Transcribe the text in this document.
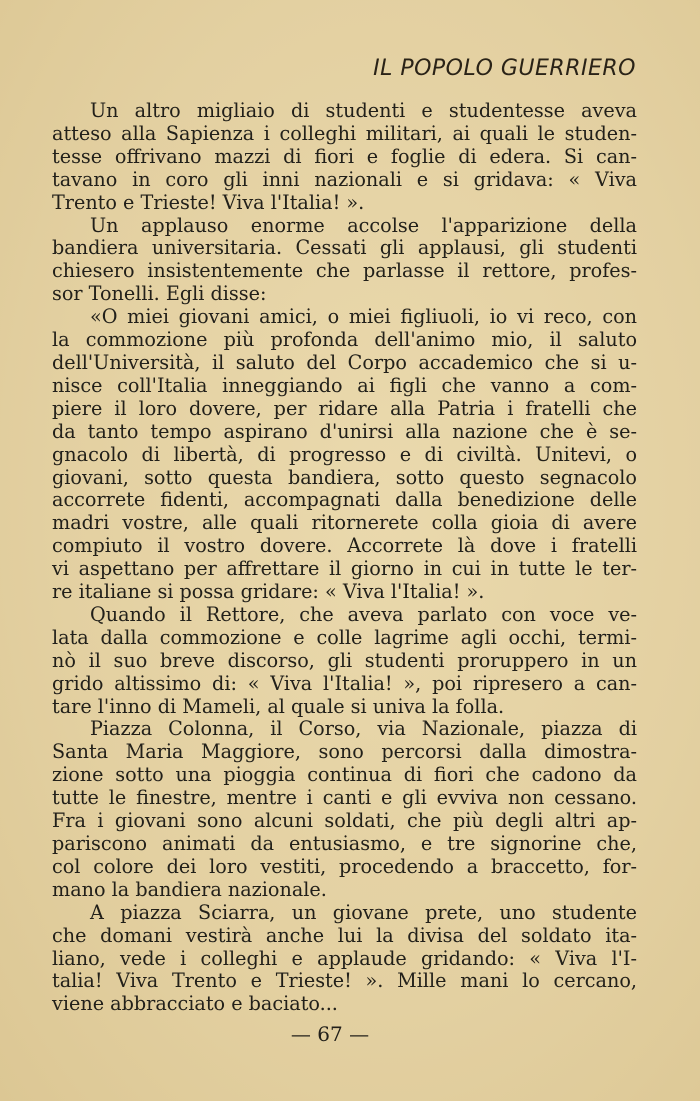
IL POPOLO GUERRIERO
Un altro migliaio di studenti e studentesse aveva
atteso alla Sapienza i colleghi militari, ai quali le studen-
tesse offrivano mazzi di fiori e foglie di edera. Si can-
tavano in coro gli inni nazionali e si gridava: « Viva
Trento e Trieste! Viva l'Italia! ».
Un applauso enorme accolse l'apparizione della
bandiera universitaria. Cessati gli applausi, gli studenti
chiesero insistentemente che parlasse il rettore, profes-
sor Tonelli. Egli disse:
«O miei giovani amici, o miei figliuoli, io vi reco, con
la commozione più profonda dell'animo mio, il saluto
dell'Università, il saluto del Corpo accademico che si u-
nisce coll'Italia inneggiando ai figli che vanno a com-
piere il loro dovere, per ridare alla Patria i fratelli che
da tanto tempo aspirano d'unirsi alla nazione che è se-
gnacolo di libertà, di progresso e di civiltà. Unitevi, o
giovani, sotto questa bandiera, sotto questo segnacolo
accorrete fidenti, accompagnati dalla benedizione delle
madri vostre, alle quali ritornerete colla gioia di avere
compiuto il vostro dovere. Accorrete là dove i fratelli
vi aspettano per affrettare il giorno in cui in tutte le ter-
re italiane si possa gridare: « Viva l'Italia! ».
Quando il Rettore, che aveva parlato con voce ve-
lata dalla commozione e colle lagrime agli occhi, termi-
nò il suo breve discorso, gli studenti proruppero in un
grido altissimo di: « Viva l'Italia! », poi ripresero a can-
tare l'inno di Mameli, al quale si univa la folla.
Piazza Colonna, il Corso, via Nazionale, piazza di
Santa Maria Maggiore, sono percorsi dalla dimostra-
zione sotto una pioggia continua di fiori che cadono da
tutte le finestre, mentre i canti e gli evviva non cessano.
Fra i giovani sono alcuni soldati, che più degli altri ap-
pariscono animati da entusiasmo, e tre signorine che,
col colore dei loro vestiti, procedendo a braccetto, for-
mano la bandiera nazionale.
A piazza Sciarra, un giovane prete, uno studente
che domani vestirà anche lui la divisa del soldato ita-
liano, vede i colleghi e applaude gridando: « Viva l'I-
talia! Viva Trento e Trieste! ». Mille mani lo cercano,
viene abbracciato e baciato...
— 67 —
